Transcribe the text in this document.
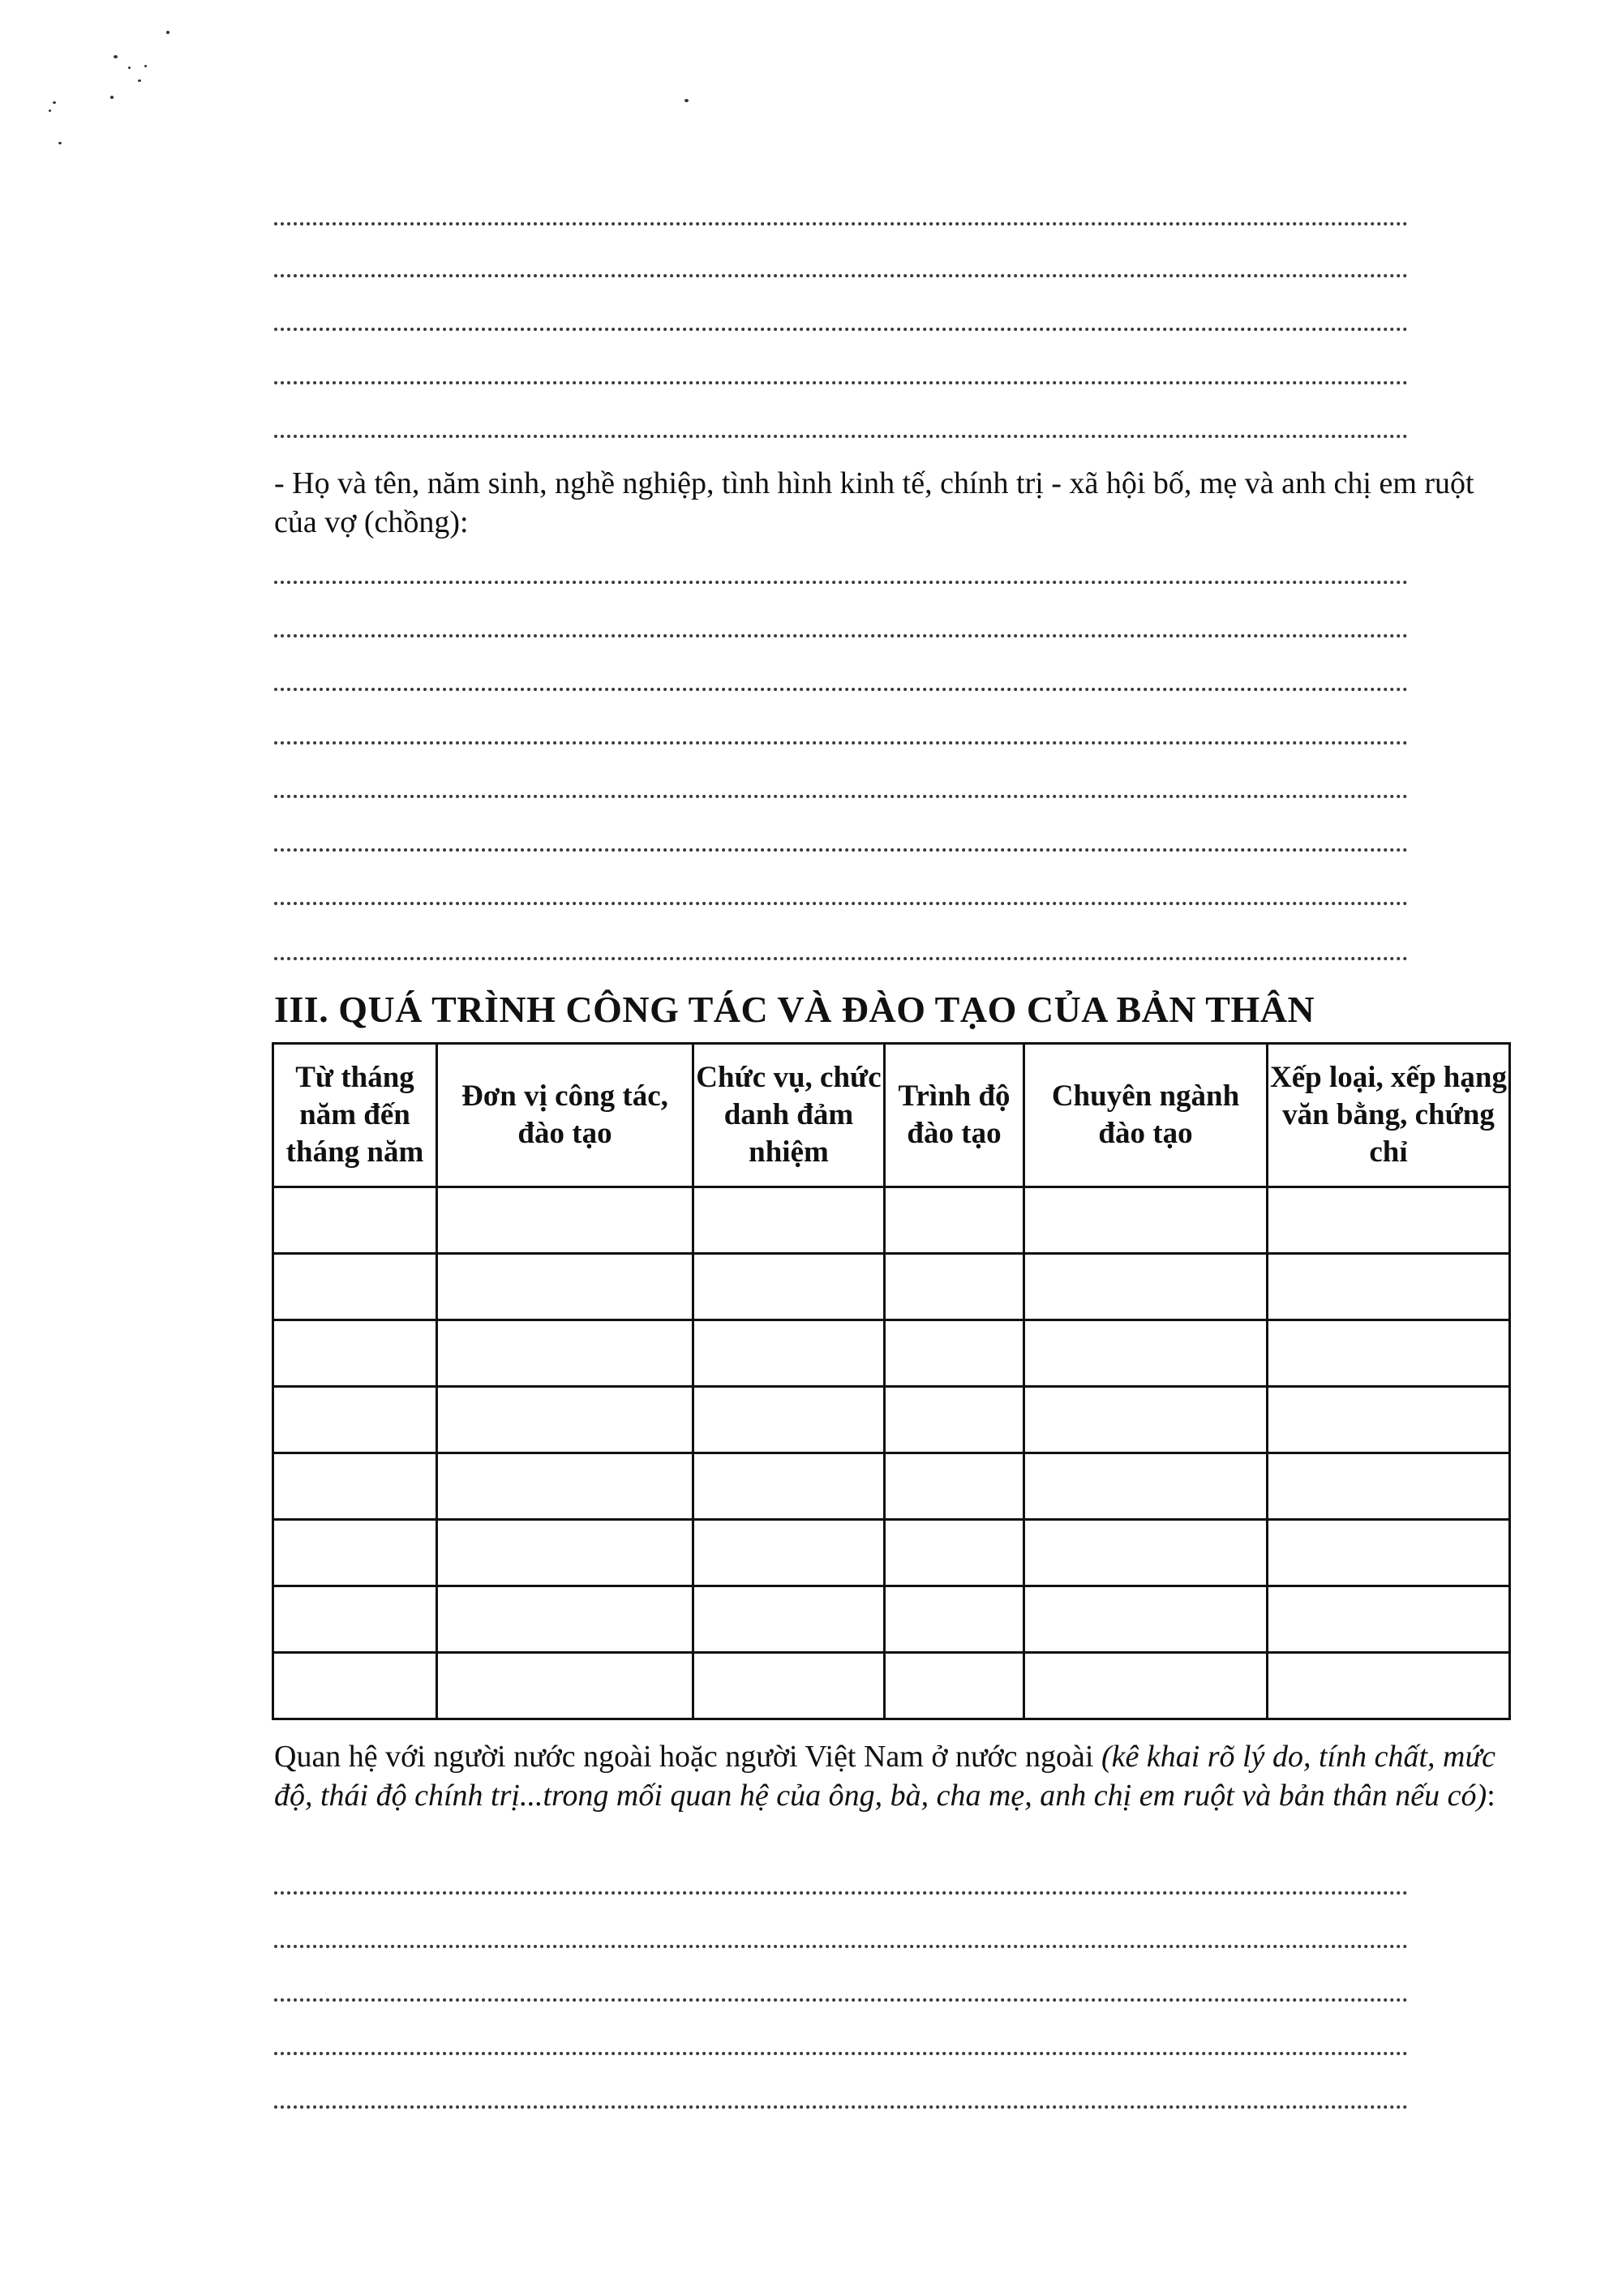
- Họ và tên, năm sinh, nghề nghiệp, tình hình kinh tế, chính trị - xã hội bố, mẹ và anh chị em ruột của vợ (chồng):

III. QUÁ TRÌNH CÔNG TÁC VÀ ĐÀO TẠO CỦA BẢN THÂN
Từ tháng năm đến tháng năm	Đơn vị công tác, đào tạo	Chức vụ, chức danh đảm nhiệm	Trình độ đào tạo	Chuyên ngành đào tạo	Xếp loại, xếp hạng văn bằng, chứng chỉ

Quan hệ với người nước ngoài hoặc người Việt Nam ở nước ngoài (kê khai rõ lý do, tính chất, mức độ, thái độ chính trị...trong mối quan hệ của ông, bà, cha mẹ, anh chị em ruột và bản thân nếu có):
